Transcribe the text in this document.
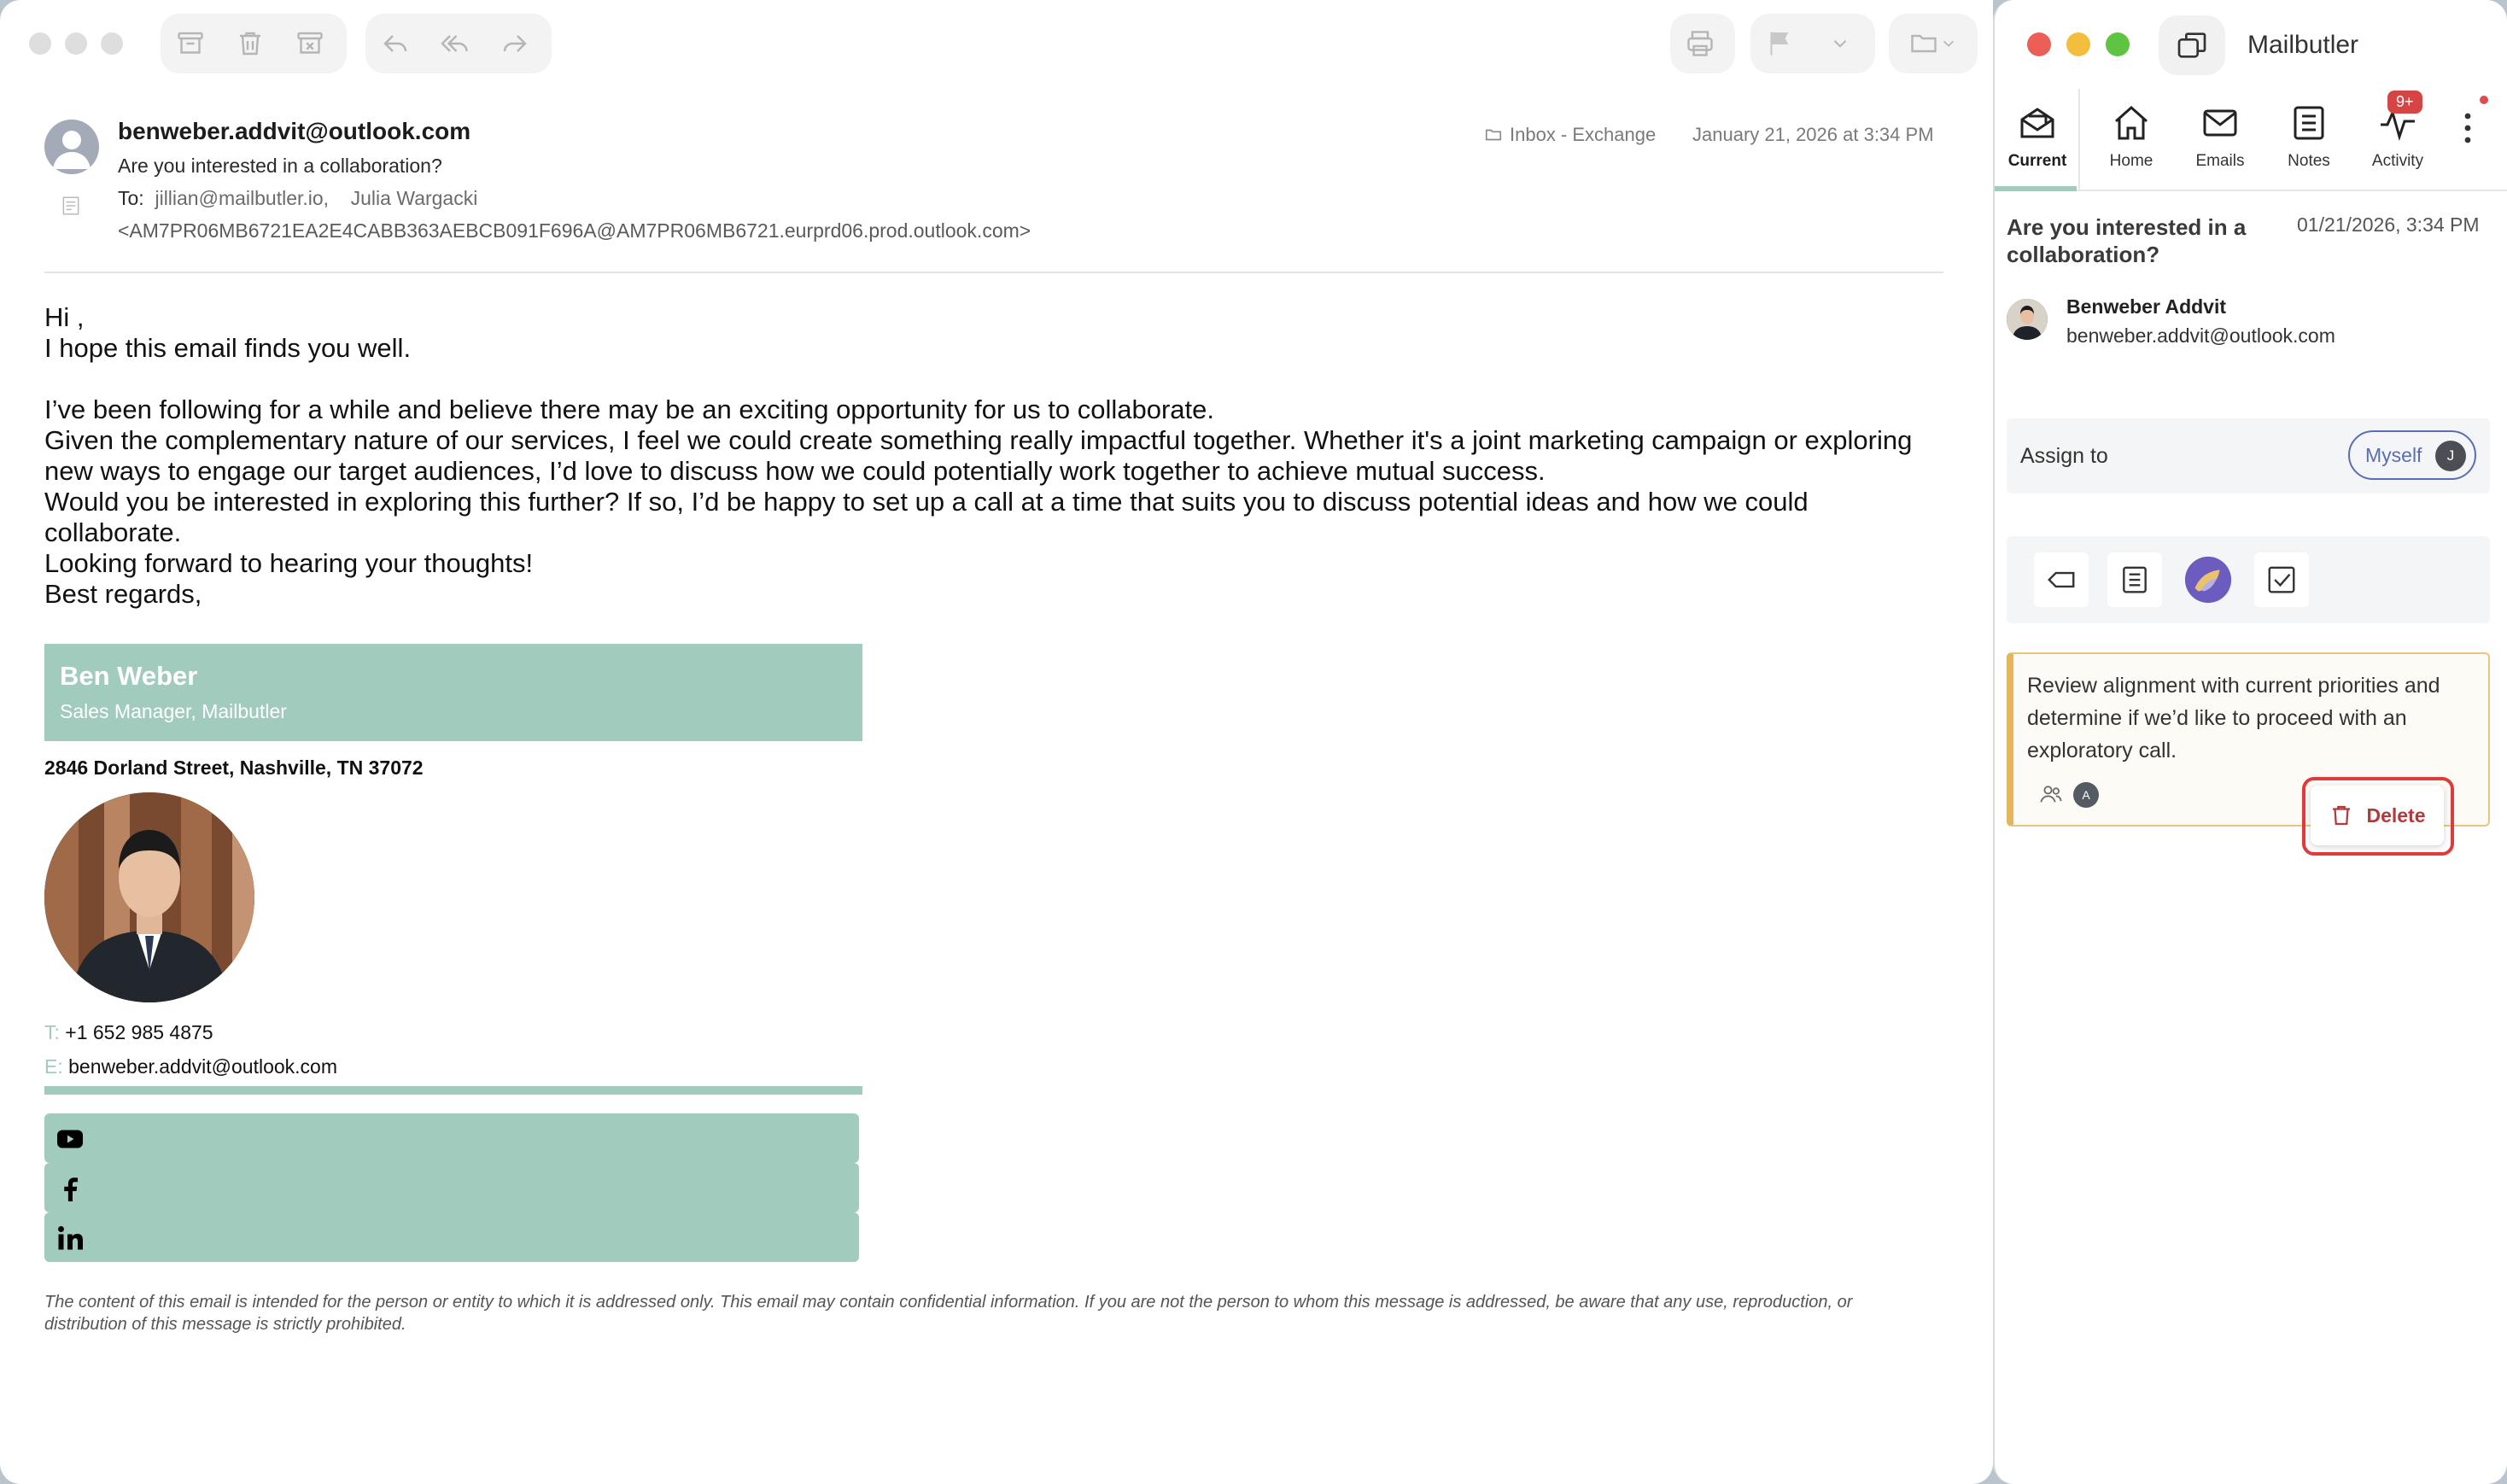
benweber.addvit@outlook.com
Are you interested in a collaboration?
To: jillian@mailbutler.io, Julia Wargacki
<AM7PR06MB6721EA2E4CABB363AEBCB091F696A@AM7PR06MB6721.eurprd06.prod.outlook.com>
Inbox - Exchange January 21, 2026 at 3:34 PM

Hi ,

I hope this email finds you well.

I’ve been following for a while and believe there may be an exciting opportunity for us to collaborate.

Given the complementary nature of our services, I feel we could create something really impactful together. Whether it's a joint marketing campaign or exploring new ways to engage our target audiences, I’d love to discuss how we could potentially work together to achieve mutual success.

Would you be interested in exploring this further? If so, I’d be happy to set up a call at a time that suits you to discuss potential ideas and how we could collaborate.

Looking forward to hearing your thoughts!

Best regards,

Ben Weber
Sales Manager, Mailbutler
2846 Dorland Street, Nashville, TN 37072
T: +1 652 985 4875
E: benweber.addvit@outlook.com
The content of this email is intended for the person or entity to which it is addressed only. This email may contain confidential information. If you are not the person to whom this message is addressed, be aware that any use, reproduction, or distribution of this message is strictly prohibited.
Mailbutler
Current	Home	Emails	Notes	Activity
9+
Are you interested in a collaboration?
01/21/2026, 3:34 PM
Benweber Addvit
benweber.addvit@outlook.com
Assign to	Myself	J
Review alignment with current priorities and determine if we’d like to proceed with an exploratory call.
A
Delete
